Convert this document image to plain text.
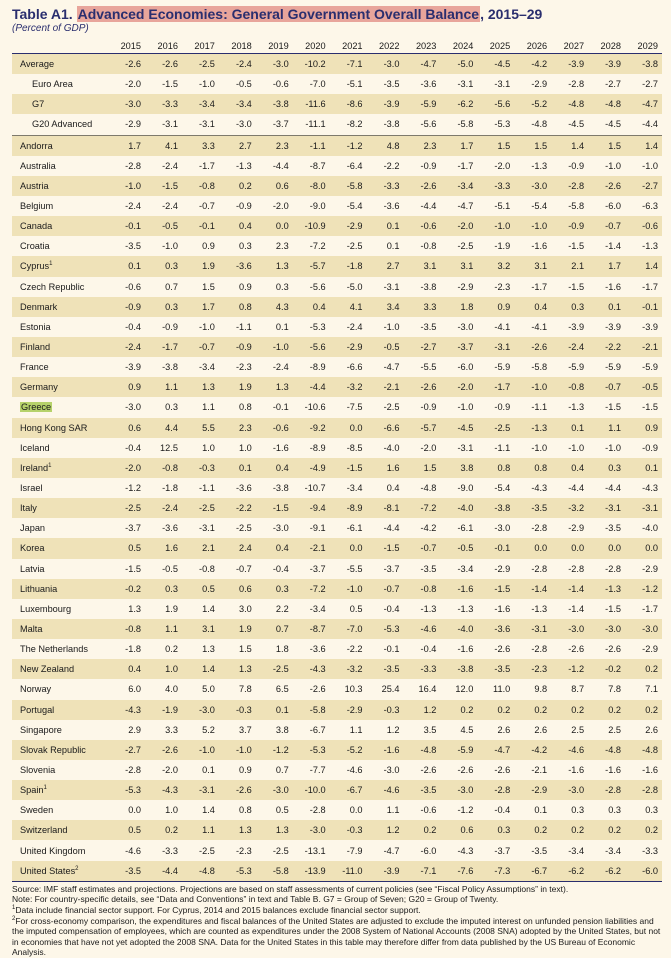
Table A1. Advanced Economies: General Government Overall Balance, 2015–29
(Percent of GDP)
	2015	2016	2017	2018	2019	2020	2021	2022	2023	2024	2025	2026	2027	2028	2029
Average	-2.6	-2.6	-2.5	-2.4	-3.0	-10.2	-7.1	-3.0	-4.7	-5.0	-4.5	-4.2	-3.9	-3.9	-3.8
Euro Area	-2.0	-1.5	-1.0	-0.5	-0.6	-7.0	-5.1	-3.5	-3.6	-3.1	-3.1	-2.9	-2.8	-2.7	-2.7
G7	-3.0	-3.3	-3.4	-3.4	-3.8	-11.6	-8.6	-3.9	-5.9	-6.2	-5.6	-5.2	-4.8	-4.8	-4.7
G20 Advanced	-2.9	-3.1	-3.1	-3.0	-3.7	-11.1	-8.2	-3.8	-5.6	-5.8	-5.3	-4.8	-4.5	-4.5	-4.4
Andorra	1.7	4.1	3.3	2.7	2.3	-1.1	-1.2	4.8	2.3	1.7	1.5	1.5	1.4	1.5	1.4
Australia	-2.8	-2.4	-1.7	-1.3	-4.4	-8.7	-6.4	-2.2	-0.9	-1.7	-2.0	-1.3	-0.9	-1.0	-1.0
Austria	-1.0	-1.5	-0.8	0.2	0.6	-8.0	-5.8	-3.3	-2.6	-3.4	-3.3	-3.0	-2.8	-2.6	-2.7
Belgium	-2.4	-2.4	-0.7	-0.9	-2.0	-9.0	-5.4	-3.6	-4.4	-4.7	-5.1	-5.4	-5.8	-6.0	-6.3
Canada	-0.1	-0.5	-0.1	0.4	0.0	-10.9	-2.9	0.1	-0.6	-2.0	-1.0	-1.0	-0.9	-0.7	-0.6
Croatia	-3.5	-1.0	0.9	0.3	2.3	-7.2	-2.5	0.1	-0.8	-2.5	-1.9	-1.6	-1.5	-1.4	-1.3
Cyprus$^1$	0.1	0.3	1.9	-3.6	1.3	-5.7	-1.8	2.7	3.1	3.1	3.2	3.1	2.1	1.7	1.4
Czech Republic	-0.6	0.7	1.5	0.9	0.3	-5.6	-5.0	-3.1	-3.8	-2.9	-2.3	-1.7	-1.5	-1.6	-1.7
Denmark	-0.9	0.3	1.7	0.8	4.3	0.4	4.1	3.4	3.3	1.8	0.9	0.4	0.3	0.1	-0.1
Estonia	-0.4	-0.9	-1.0	-1.1	0.1	-5.3	-2.4	-1.0	-3.5	-3.0	-4.1	-4.1	-3.9	-3.9	-3.9
Finland	-2.4	-1.7	-0.7	-0.9	-1.0	-5.6	-2.9	-0.5	-2.7	-3.7	-3.1	-2.6	-2.4	-2.2	-2.1
France	-3.9	-3.8	-3.4	-2.3	-2.4	-8.9	-6.6	-4.7	-5.5	-6.0	-5.9	-5.8	-5.9	-5.9	-5.9
Germany	0.9	1.1	1.3	1.9	1.3	-4.4	-3.2	-2.1	-2.6	-2.0	-1.7	-1.0	-0.8	-0.7	-0.5
Greece	-3.0	0.3	1.1	0.8	-0.1	-10.6	-7.5	-2.5	-0.9	-1.0	-0.9	-1.1	-1.3	-1.5	-1.5
Hong Kong SAR	0.6	4.4	5.5	2.3	-0.6	-9.2	0.0	-6.6	-5.7	-4.5	-2.5	-1.3	0.1	1.1	0.9
Iceland	-0.4	12.5	1.0	1.0	-1.6	-8.9	-8.5	-4.0	-2.0	-3.1	-1.1	-1.0	-1.0	-1.0	-0.9
Ireland$^1$	-2.0	-0.8	-0.3	0.1	0.4	-4.9	-1.5	1.6	1.5	3.8	0.8	0.8	0.4	0.3	0.1
Israel	-1.2	-1.8	-1.1	-3.6	-3.8	-10.7	-3.4	0.4	-4.8	-9.0	-5.4	-4.3	-4.4	-4.4	-4.3
Italy	-2.5	-2.4	-2.5	-2.2	-1.5	-9.4	-8.9	-8.1	-7.2	-4.0	-3.8	-3.5	-3.2	-3.1	-3.1
Japan	-3.7	-3.6	-3.1	-2.5	-3.0	-9.1	-6.1	-4.4	-4.2	-6.1	-3.0	-2.8	-2.9	-3.5	-4.0
Korea	0.5	1.6	2.1	2.4	0.4	-2.1	0.0	-1.5	-0.7	-0.5	-0.1	0.0	0.0	0.0	0.0
Latvia	-1.5	-0.5	-0.8	-0.7	-0.4	-3.7	-5.5	-3.7	-3.5	-3.4	-2.9	-2.8	-2.8	-2.8	-2.9
Lithuania	-0.2	0.3	0.5	0.6	0.3	-7.2	-1.0	-0.7	-0.8	-1.6	-1.5	-1.4	-1.4	-1.3	-1.2
Luxembourg	1.3	1.9	1.4	3.0	2.2	-3.4	0.5	-0.4	-1.3	-1.3	-1.6	-1.3	-1.4	-1.5	-1.7
Malta	-0.8	1.1	3.1	1.9	0.7	-8.7	-7.0	-5.3	-4.6	-4.0	-3.6	-3.1	-3.0	-3.0	-3.0
The Netherlands	-1.8	0.2	1.3	1.5	1.8	-3.6	-2.2	-0.1	-0.4	-1.6	-2.6	-2.8	-2.6	-2.6	-2.9
New Zealand	0.4	1.0	1.4	1.3	-2.5	-4.3	-3.2	-3.5	-3.3	-3.8	-3.5	-2.3	-1.2	-0.2	0.2
Norway	6.0	4.0	5.0	7.8	6.5	-2.6	10.3	25.4	16.4	12.0	11.0	9.8	8.7	7.8	7.1
Portugal	-4.3	-1.9	-3.0	-0.3	0.1	-5.8	-2.9	-0.3	1.2	0.2	0.2	0.2	0.2	0.2	0.2
Singapore	2.9	3.3	5.2	3.7	3.8	-6.7	1.1	1.2	3.5	4.5	2.6	2.6	2.5	2.5	2.6
Slovak Republic	-2.7	-2.6	-1.0	-1.0	-1.2	-5.3	-5.2	-1.6	-4.8	-5.9	-4.7	-4.2	-4.6	-4.8	-4.8
Slovenia	-2.8	-2.0	0.1	0.9	0.7	-7.7	-4.6	-3.0	-2.6	-2.6	-2.6	-2.1	-1.6	-1.6	-1.6
Spain$^1$	-5.3	-4.3	-3.1	-2.6	-3.0	-10.0	-6.7	-4.6	-3.5	-3.0	-2.8	-2.9	-3.0	-2.8	-2.8
Sweden	0.0	1.0	1.4	0.8	0.5	-2.8	0.0	1.1	-0.6	-1.2	-0.4	0.1	0.3	0.3	0.3
Switzerland	0.5	0.2	1.1	1.3	1.3	-3.0	-0.3	1.2	0.2	0.6	0.3	0.2	0.2	0.2	0.2
United Kingdom	-4.6	-3.3	-2.5	-2.3	-2.5	-13.1	-7.9	-4.7	-6.0	-4.3	-3.7	-3.5	-3.4	-3.4	-3.3
United States$^2$	-3.5	-4.4	-4.8	-5.3	-5.8	-13.9	-11.0	-3.9	-7.1	-7.6	-7.3	-6.7	-6.2	-6.2	-6.0

Source: IMF staff estimates and projections. Projections are based on staff assessments of current policies (see “Fiscal Policy Assumptions” in text).

Note: For country-specific details, see “Data and Conventions” in text and Table B. G7 = Group of Seven; G20 = Group of Twenty.

$^1$Data include financial sector support. For Cyprus, 2014 and 2015 balances exclude financial sector support.

$^2$For cross-economy comparison, the expenditures and fiscal balances of the United States are adjusted to exclude the imputed interest on unfunded pension liabilities and the imputed compensation of employees, which are counted as expenditures under the 2008 System of National Accounts (2008 SNA) adopted by the United States, but not in economies that have not yet adopted the 2008 SNA. Data for the United States in this table may therefore differ from data published by the US Bureau of Economic Analysis.
